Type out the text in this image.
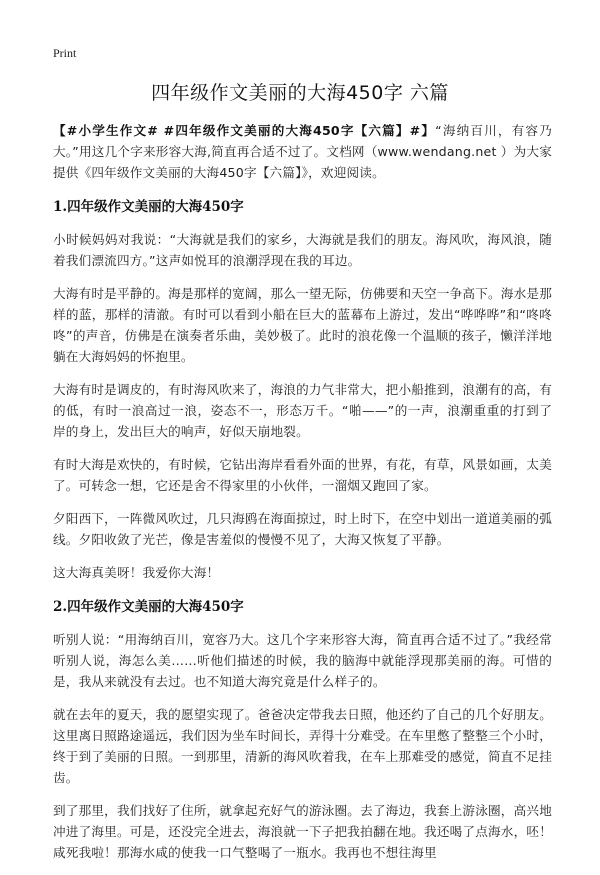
Print
四年级作文美丽的大海450字 六篇

【#小学生作文# #四年级作文美丽的大海450字【六篇】#】“海纳百川，有容乃大。”用这几个字来形容大海,简直再合适不过了。文档网（www.wendang.net ）为大家提供《四年级作文美丽的大海450字【六篇】》，欢迎阅读。

1.四年级作文美丽的大海450字

小时候妈妈对我说：“大海就是我们的家乡，大海就是我们的朋友。海风吹，海风浪，随着我们漂流四方。”这声如悦耳的浪潮浮现在我的耳边。

大海有时是平静的。海是那样的宽阔，那么一望无际，仿佛要和天空一争高下。海水是那样的蓝，那样的清澈。有时可以看到小船在巨大的蓝幕布上游过，发出“哗哗哗”和“咚咚咚”的声音，仿佛是在演奏者乐曲，美妙极了。此时的浪花像一个温顺的孩子，懒洋洋地躺在大海妈妈的怀抱里。

大海有时是调皮的，有时海风吹来了，海浪的力气非常大，把小船推到，浪潮有的高，有的低，有时一浪高过一浪，姿态不一，形态万千。“啪——”的一声，浪潮重重的打到了岸的身上，发出巨大的响声，好似天崩地裂。

有时大海是欢快的，有时候，它钻出海岸看看外面的世界，有花，有草，风景如画，太美了。可转念一想，它还是舍不得家里的小伙伴，一溜烟又跑回了家。

夕阳西下，一阵微风吹过，几只海鸥在海面掠过，时上时下，在空中划出一道道美丽的弧线。夕阳收敛了光芒，像是害羞似的慢慢不见了，大海又恢复了平静。

这大海真美呀！我爱你大海！

2.四年级作文美丽的大海450字

听别人说：“用海纳百川，宽容乃大。这几个字来形容大海，简直再合适不过了。”我经常听别人说，海怎么美……听他们描述的时候，我的脑海中就能浮现那美丽的海。可惜的是，我从来就没有去过。也不知道大海究竟是什么样子的。

就在去年的夏天，我的愿望实现了。爸爸决定带我去日照，他还约了自己的几个好朋友。这里离日照路途遥远，我们因为坐车时间长，弄得十分难受。在车里憋了整整三个小时，终于到了美丽的日照。一到那里，清新的海风吹着我，在车上那难受的感觉，简直不足挂齿。

到了那里，我们找好了住所，就拿起充好气的游泳圈。去了海边，我套上游泳圈，高兴地冲进了海里。可是，还没完全进去，海浪就一下子把我拍翻在地。我还喝了点海水，呸！咸死我啦！那海水咸的使我一口气整喝了一瓶水。我再也不想往海里
